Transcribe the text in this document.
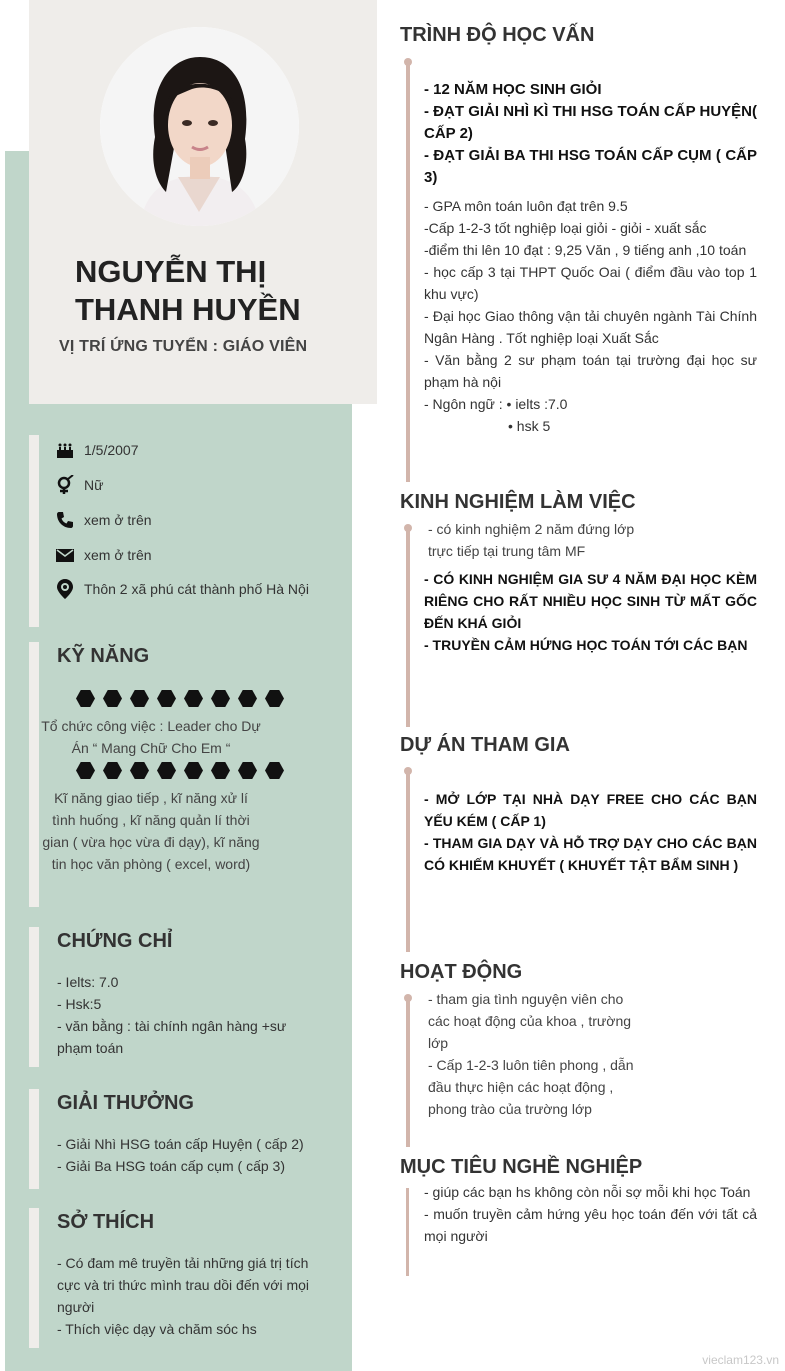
NGUYỄN THỊ
THANH HUYỀN
VỊ TRÍ ỨNG TUYỂN : GIÁO VIÊN
1/5/2007
Nữ
xem ở trên
xem ở trên
Thôn 2 xã phú cát thành phố Hà Nội
KỸ NĂNG
Tổ chức công việc : Leader cho Dự Án “ Mang Chữ Cho Em “
Kĩ năng giao tiếp , kĩ năng xử lí tình huống , kĩ năng quản lí thời gian ( vừa học vừa đi dạy), kĩ năng tin học văn phòng ( excel, word)
CHỨNG CHỈ
- Ielts: 7.0
- Hsk:5
- văn bằng : tài chính ngân hàng +sư phạm toán
GIẢI THƯỞNG
- Giải Nhì HSG toán cấp Huyện ( cấp 2)
- Giải Ba HSG toán cấp cụm ( cấp 3)
SỞ THÍCH
- Có đam mê truyền tải những giá trị tích cực và tri thức mình trau dồi đến với mọi người
- Thích việc dạy và chăm sóc hs
TRÌNH ĐỘ HỌC VẤN
- 12 NĂM HỌC SINH GIỎI
- ĐẠT GIẢI NHÌ KÌ THI HSG TOÁN CẤP HUYỆN( CẤP 2)
- ĐẠT GIẢI BA THI HSG TOÁN CẤP CỤM ( CẤP 3)
- GPA môn toán luôn đạt trên 9.5
-Cấp 1-2-3 tốt nghiệp loại giỏi - giỏi - xuất sắc
-điểm thi lên 10 đạt : 9,25 Văn , 9 tiếng anh ,10 toán
- học cấp 3 tại THPT Quốc Oai ( điểm đầu vào top 1 khu vực)
- Đại học Giao thông vận tải chuyên ngành Tài Chính Ngân Hàng . Tốt nghiệp loại Xuất Sắc
- Văn bằng 2 sư phạm toán tại trường đại học sư phạm hà nội
- Ngôn ngữ : • ielts :7.0
• hsk 5
KINH NGHIỆM LÀM VIỆC
- có kinh nghiệm 2 năm đứng lớp trực tiếp tại trung tâm MF
- CÓ KINH NGHIỆM GIA SƯ 4 NĂM ĐẠI HỌC KÈM RIÊNG CHO RẤT NHIỀU HỌC SINH TỪ MẤT GỐC ĐẾN KHÁ GIỎI
- TRUYỀN CẢM HỨNG HỌC TOÁN TỚI CÁC BẠN
DỰ ÁN THAM GIA
- MỞ LỚP TẠI NHÀ DẠY FREE CHO CÁC BẠN YẾU KÉM ( CẤP 1)
- THAM GIA DẠY VÀ HỖ TRỢ DẠY CHO CÁC BẠN CÓ KHIẾM KHUYẾT ( KHUYẾT TẬT BẨM SINH )
HOẠT ĐỘNG
- tham gia tình nguyện viên cho các hoạt động của khoa , trường lớp
- Cấp 1-2-3 luôn tiên phong , dẫn đầu thực hiện các hoạt động , phong trào của trường lớp
MỤC TIÊU NGHỀ NGHIỆP
- giúp các bạn hs không còn nỗi sợ mỗi khi học Toán
- muốn truyền cảm hứng yêu học toán đến với tất cả mọi người
vieclam123.vn
